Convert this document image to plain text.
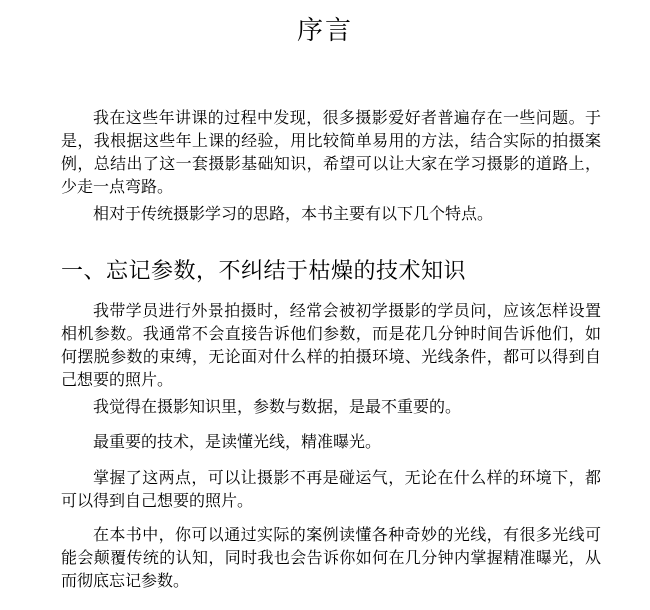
序言

我在这些年讲课的过程中发现，很多摄影爱好者普遍存在一些问题。于是，我根据这些年上课的经验，用比较简单易用的方法，结合实际的拍摄案例，总结出了这一套摄影基础知识，希望可以让大家在学习摄影的道路上，少走一点弯路。

相对于传统摄影学习的思路，本书主要有以下几个特点。

一、忘记参数，不纠结于枯燥的技术知识

我带学员进行外景拍摄时，经常会被初学摄影的学员问，应该怎样设置相机参数。我通常不会直接告诉他们参数，而是花几分钟时间告诉他们，如何摆脱参数的束缚，无论面对什么样的拍摄环境、光线条件，都可以得到自己想要的照片。

我觉得在摄影知识里，参数与数据，是最不重要的。

最重要的技术，是读懂光线，精准曝光。

掌握了这两点，可以让摄影不再是碰运气，无论在什么样的环境下，都可以得到自己想要的照片。

在本书中，你可以通过实际的案例读懂各种奇妙的光线，有很多光线可能会颠覆传统的认知，同时我也会告诉你如何在几分钟内掌握精准曝光，从而彻底忘记参数。
